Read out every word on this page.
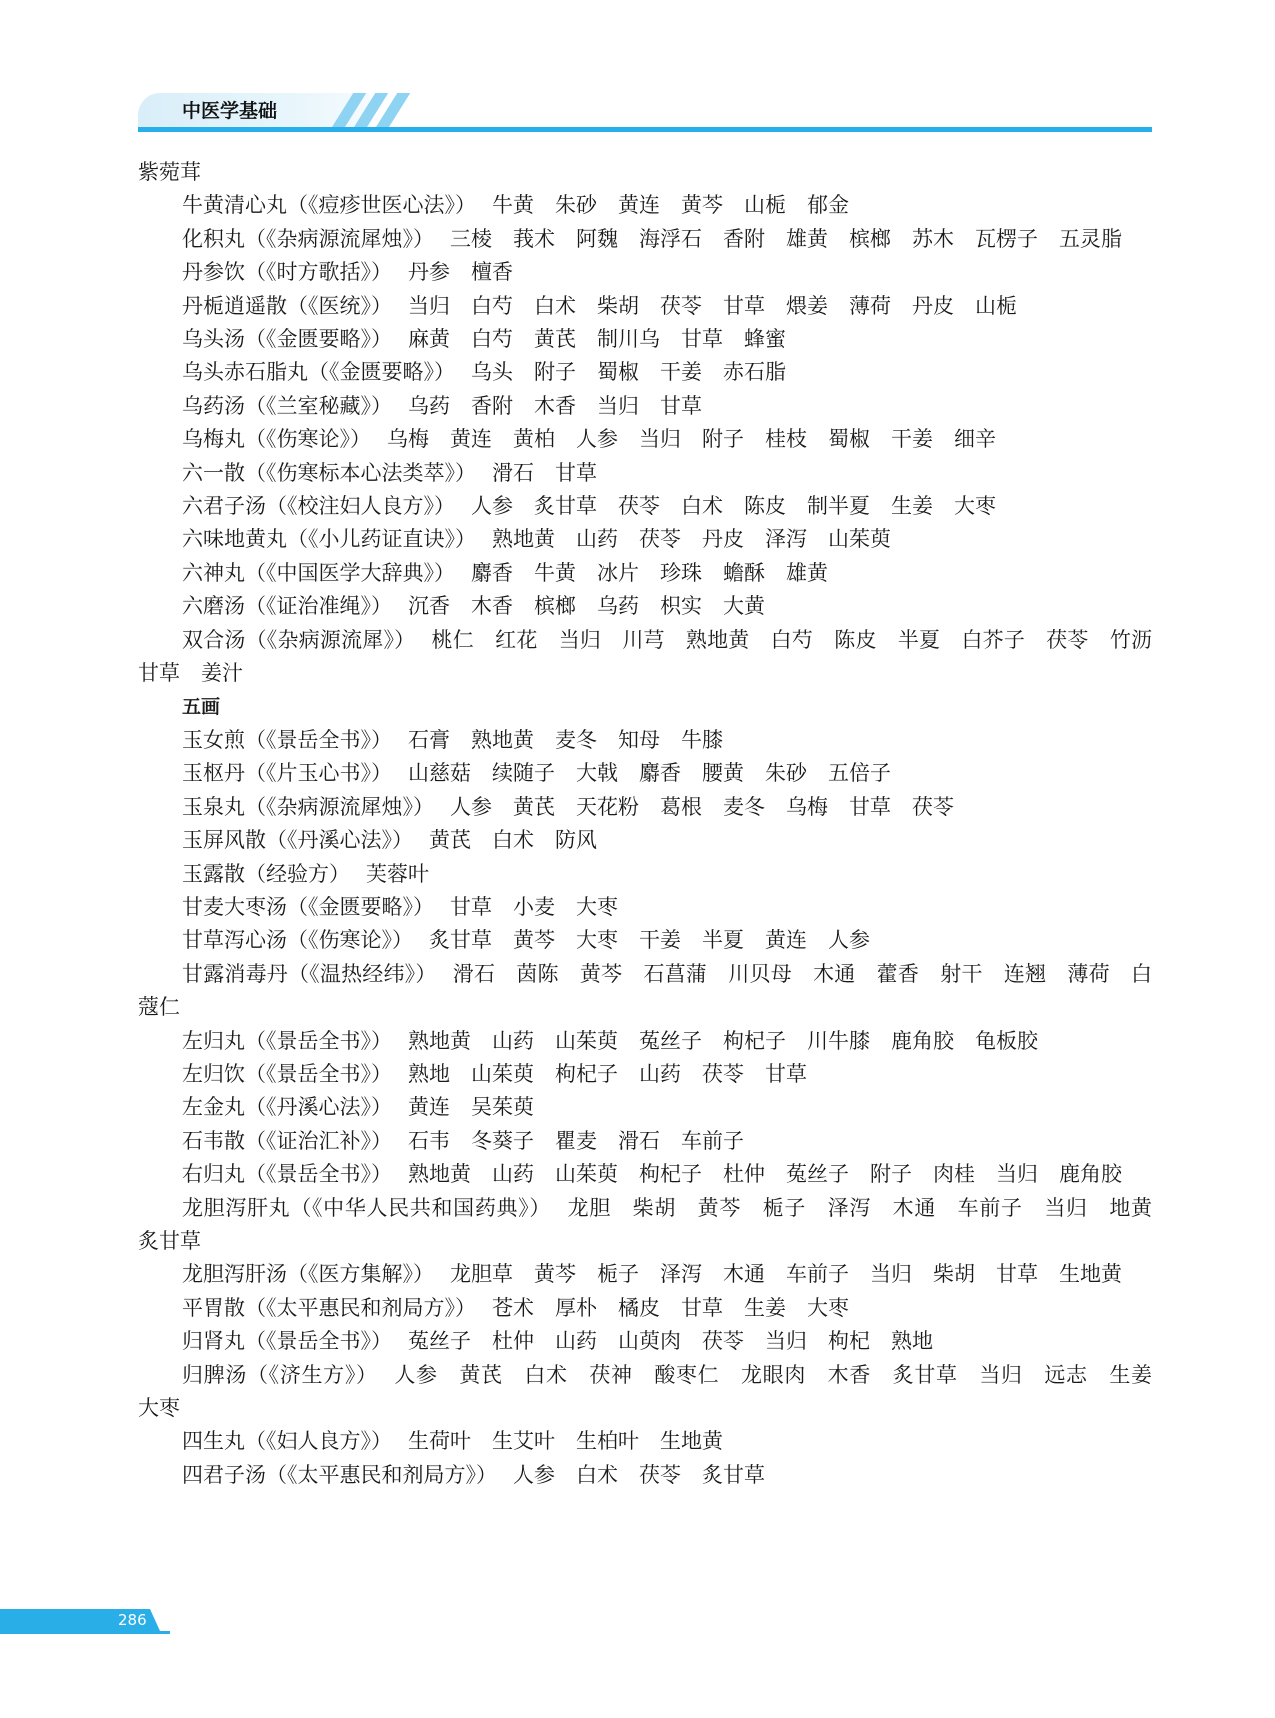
中医学基础

紫菀茸

牛黄清心丸（《痘疹世医心法》） 牛黄　朱砂　黄连　黄芩　山栀　郁金

化积丸（《杂病源流犀烛》） 三棱　莪术　阿魏　海浮石　香附　雄黄　槟榔　苏木　瓦楞子　五灵脂

丹参饮（《时方歌括》） 丹参　檀香

丹栀逍遥散（《医统》） 当归　白芍　白术　柴胡　茯苓　甘草　煨姜　薄荷　丹皮　山栀

乌头汤（《金匮要略》） 麻黄　白芍　黄芪　制川乌　甘草　蜂蜜

乌头赤石脂丸（《金匮要略》） 乌头　附子　蜀椒　干姜　赤石脂

乌药汤（《兰室秘藏》） 乌药　香附　木香　当归　甘草

乌梅丸（《伤寒论》） 乌梅　黄连　黄柏　人参　当归　附子　桂枝　蜀椒　干姜　细辛

六一散（《伤寒标本心法类萃》） 滑石　甘草

六君子汤（《校注妇人良方》） 人参　炙甘草　茯苓　白术　陈皮　制半夏　生姜　大枣

六味地黄丸（《小儿药证直诀》） 熟地黄　山药　茯苓　丹皮　泽泻　山茱萸

六神丸（《中国医学大辞典》） 麝香　牛黄　冰片　珍珠　蟾酥　雄黄

六磨汤（《证治准绳》） 沉香　木香　槟榔　乌药　枳实　大黄

双合汤（《杂病源流犀》） 桃仁　红花　当归　川芎　熟地黄　白芍　陈皮　半夏　白芥子　茯苓　竹沥　甘草　姜汁

五画

玉女煎（《景岳全书》） 石膏　熟地黄　麦冬　知母　牛膝

玉枢丹（《片玉心书》） 山慈菇　续随子　大戟　麝香　腰黄　朱砂　五倍子

玉泉丸（《杂病源流犀烛》） 人参　黄芪　天花粉　葛根　麦冬　乌梅　甘草　茯苓

玉屏风散（《丹溪心法》） 黄芪　白术　防风

玉露散（经验方） 芙蓉叶

甘麦大枣汤（《金匮要略》） 甘草　小麦　大枣

甘草泻心汤（《伤寒论》） 炙甘草　黄芩　大枣　干姜　半夏　黄连　人参

甘露消毒丹（《温热经纬》） 滑石　茵陈　黄芩　石菖蒲　川贝母　木通　藿香　射干　连翘　薄荷　白蔻仁

左归丸（《景岳全书》） 熟地黄　山药　山茱萸　菟丝子　枸杞子　川牛膝　鹿角胶　龟板胶

左归饮（《景岳全书》） 熟地　山茱萸　枸杞子　山药　茯苓　甘草

左金丸（《丹溪心法》） 黄连　吴茱萸

石韦散（《证治汇补》） 石韦　冬葵子　瞿麦　滑石　车前子

右归丸（《景岳全书》） 熟地黄　山药　山茱萸　枸杞子　杜仲　菟丝子　附子　肉桂　当归　鹿角胶

龙胆泻肝丸（《中华人民共和国药典》） 龙胆　柴胡　黄芩　栀子　泽泻　木通　车前子　当归　地黄　炙甘草

龙胆泻肝汤（《医方集解》） 龙胆草　黄芩　栀子　泽泻　木通　车前子　当归　柴胡　甘草　生地黄

平胃散（《太平惠民和剂局方》） 苍术　厚朴　橘皮　甘草　生姜　大枣

归肾丸（《景岳全书》） 菟丝子　杜仲　山药　山萸肉　茯苓　当归　枸杞　熟地

归脾汤（《济生方》） 人参　黄芪　白术　茯神　酸枣仁　龙眼肉　木香　炙甘草　当归　远志　生姜　大枣

四生丸（《妇人良方》） 生荷叶　生艾叶　生柏叶　生地黄

四君子汤（《太平惠民和剂局方》） 人参　白术　茯苓　炙甘草

286
